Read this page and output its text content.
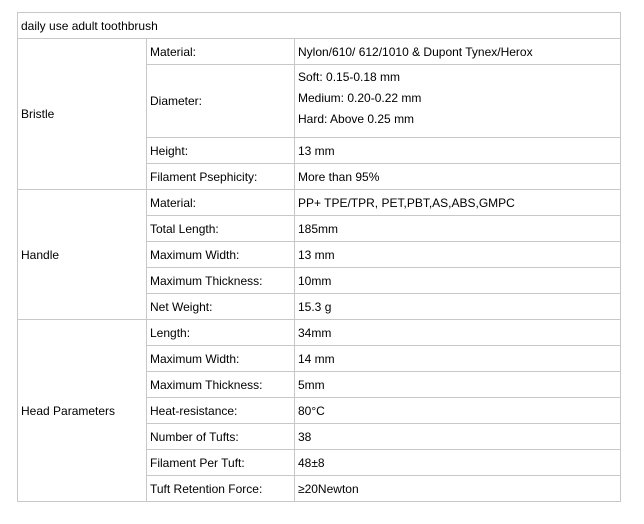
daily use adult toothbrush		
Bristle	Material:	Nylon/610/ 612/1010 & Dupont Tynex/Herox
	Diameter:	Soft: 0.15-0.18 mm
Medium: 0.20-0.22 mm
Hard: Above 0.25 mm

	Height:	13 mm
	Filament Psephicity:	More than 95%
Handle	Material:	PP+ TPE/TPR, PET,PBT,AS,ABS,GMPC
	Total Length:	185mm
	Maximum Width:	13 mm
	Maximum Thickness:	10mm
	Net Weight:	15.3 g
Head Parameters	Length:	34mm
	Maximum Width:	14 mm
	Maximum Thickness:	5mm
	Heat-resistance:	80°C
	Number of Tufts:	38
	Filament Per Tuft:	48±8
	Tuft Retention Force:	≥20Newton
